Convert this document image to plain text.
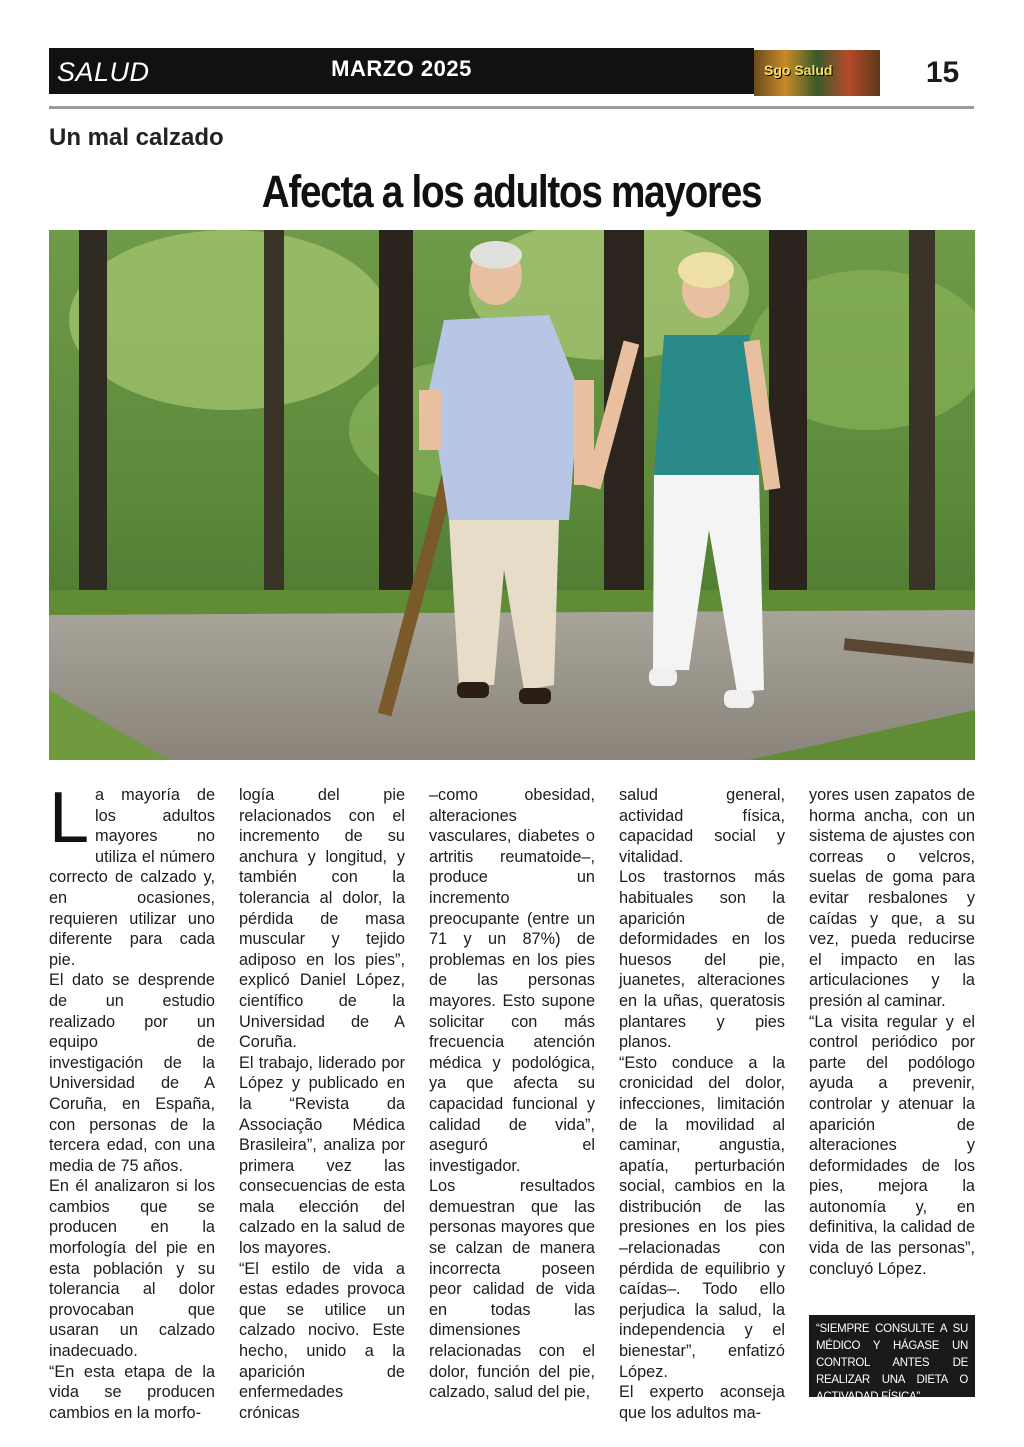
SALUD	MARZO 2025	Sgo Salud	15
Un mal calzado
Afecta a los adultos mayores

La mayoría de los adultos mayores no utiliza el número correcto de calzado y, en ocasiones, requieren utilizar uno diferente para cada pie.

El dato se desprende de un estudio realizado por un equipo de investigación de la Universidad de A Coruña, en España, con personas de la tercera edad, con una media de 75 años.

En él analizaron si los cambios que se producen en la morfología del pie en esta población y su tolerancia al dolor provocaban que usaran un calzado inadecuado.

“En esta etapa de la vida se producen cambios en la morfo-

logía del pie relacionados con el incremento de su anchura y longitud, y también con la tolerancia al dolor, la pérdida de masa muscular y tejido adiposo en los pies”, explicó Daniel López, científico de la Universidad de A Coruña.

El trabajo, liderado por López y publicado en la “Revista da Associação Médica Brasileira”, analiza por primera vez las consecuencias de esta mala elección del calzado en la salud de los mayores.

“El estilo de vida a estas edades provoca que se utilice un calzado nocivo. Este hecho, unido a la aparición de enfermedades crónicas

–como obesidad, alteraciones vasculares, diabetes o artritis reumatoide–, produce un incremento preocupante (entre un 71 y un 87%) de problemas en los pies de las personas mayores. Esto supone solicitar con más frecuencia atención médica y podológica, ya que afecta su capacidad funcional y calidad de vida”, aseguró el investigador.

Los resultados demuestran que las personas mayores que se calzan de manera incorrecta poseen peor calidad de vida en todas las dimensiones relacionadas con el dolor, función del pie, calzado, salud del pie,

salud general, actividad física, capacidad social y vitalidad.

Los trastornos más habituales son la aparición de deformidades en los huesos del pie, juanetes, alteraciones en la uñas, queratosis plantares y pies planos.

“Esto conduce a la cronicidad del dolor, infecciones, limitación de la movilidad al caminar, angustia, apatía, perturbación social, cambios en la distribución de las presiones en los pies –relacionadas con pérdida de equilibrio y caídas–. Todo ello perjudica la salud, la independencia y el bienestar”, enfatizó López.

El experto aconseja que los adultos ma-

yores usen zapatos de horma ancha, con un sistema de ajustes con correas o velcros, suelas de goma para evitar resbalones y caídas y que, a su vez, pueda reducirse el impacto en las articulaciones y la presión al caminar.

“La visita regular y el control periódico por parte del podólogo ayuda a prevenir, controlar y atenuar la aparición de alteraciones y deformidades de los pies, mejora la autonomía y, en definitiva, la calidad de vida de las personas”, concluyó López.

“SIEMPRE CONSULTE A SU MÉDICO Y HÁGASE UN CONTROL ANTES DE REALIZAR UNA DIETA O ACTIVADAD FÍSICA”
